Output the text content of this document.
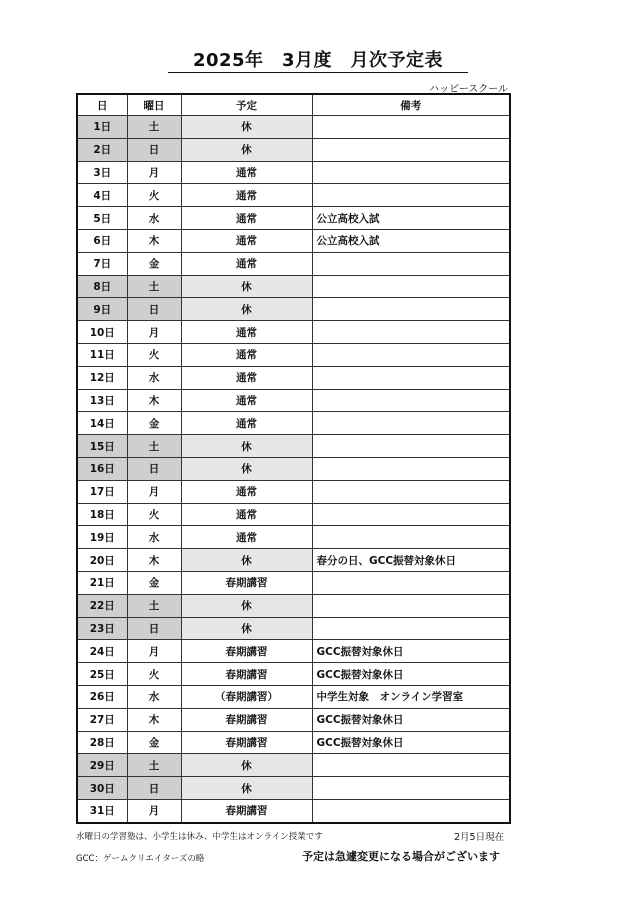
2025年　3月度　月次予定表
ハッピースクール
日	曜日	予定	備考
1日	土	休	
2日	日	休	
3日	月	通常	
4日	火	通常	
5日	水	通常	公立高校入試
6日	木	通常	公立高校入試
7日	金	通常	
8日	土	休	
9日	日	休	
10日	月	通常	
11日	火	通常	
12日	水	通常	
13日	木	通常	
14日	金	通常	
15日	土	休	
16日	日	休	
17日	月	通常	
18日	火	通常	
19日	水	通常	
20日	木	休	春分の日、GCC振替対象休日
21日	金	春期講習	
22日	土	休	
23日	日	休	
24日	月	春期講習	GCC振替対象休日
25日	火	春期講習	GCC振替対象休日
26日	水	（春期講習）	中学生対象　オンライン学習室
27日	木	春期講習	GCC振替対象休日
28日	金	春期講習	GCC振替対象休日
29日	土	休	
30日	日	休	
31日	月	春期講習	
水曜日の学習塾は、小学生は休み、中学生はオンライン授業です	2月5日現在
GCC：ゲームクリエイターズの略	予定は急遽変更になる場合がございます
